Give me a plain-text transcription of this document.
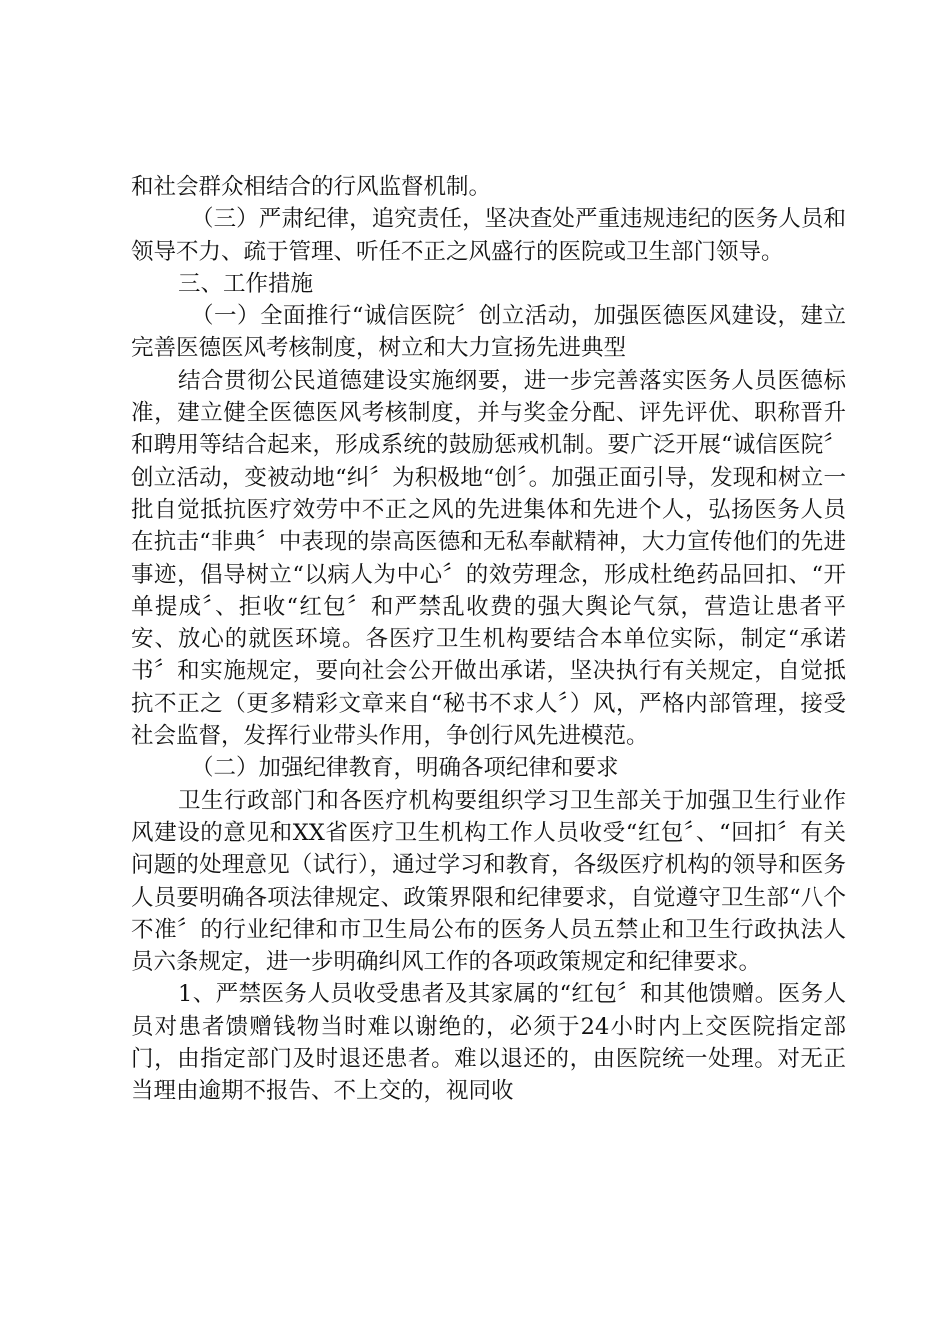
和社会群众相结合的行风监督机制。

（三）严肃纪律，追究责任，坚决查处严重违规违纪的医务人员和领导不力、疏于管理、听任不正之风盛行的医院或卫生部门领导。

三、工作措施

（一）全面推行“诚信医院〞创立活动，加强医德医风建设，建立完善医德医风考核制度，树立和大力宣扬先进典型

结合贯彻公民道德建设实施纲要，进一步完善落实医务人员医德标准，建立健全医德医风考核制度，并与奖金分配、评先评优、职称晋升和聘用等结合起来，形成系统的鼓励惩戒机制。要广泛开展“诚信医院〞创立活动，变被动地“纠〞为积极地“创〞。加强正面引导，发现和树立一批自觉抵抗医疗效劳中不正之风的先进集体和先进个人，弘扬医务人员在抗击“非典〞中表现的崇高医德和无私奉献精神，大力宣传他们的先进事迹，倡导树立“以病人为中心〞的效劳理念，形成杜绝药品回扣、“开单提成〞、拒收“红包〞和严禁乱收费的强大舆论气氛，营造让患者平安、放心的就医环境。各医疗卫生机构要结合本单位实际，制定“承诺书〞和实施规定，要向社会公开做出承诺，坚决执行有关规定，自觉抵抗不正之（更多精彩文章来自“秘书不求人〞）风，严格内部管理，接受社会监督，发挥行业带头作用，争创行风先进模范。

（二）加强纪律教育，明确各项纪律和要求

卫生行政部门和各医疗机构要组织学习卫生部关于加强卫生行业作风建设的意见和XX省医疗卫生机构工作人员收受“红包〞、“回扣〞有关问题的处理意见（试行），通过学习和教育，各级医疗机构的领导和医务人员要明确各项法律规定、政策界限和纪律要求，自觉遵守卫生部“八个不准〞的行业纪律和市卫生局公布的医务人员五禁止和卫生行政执法人员六条规定，进一步明确纠风工作的各项政策规定和纪律要求。

1、严禁医务人员收受患者及其家属的“红包〞和其他馈赠。医务人员对患者馈赠钱物当时难以谢绝的，必须于24小时内上交医院指定部门，由指定部门及时退还患者。难以退还的，由医院统一处理。对无正当理由逾期不报告、不上交的，视同收
